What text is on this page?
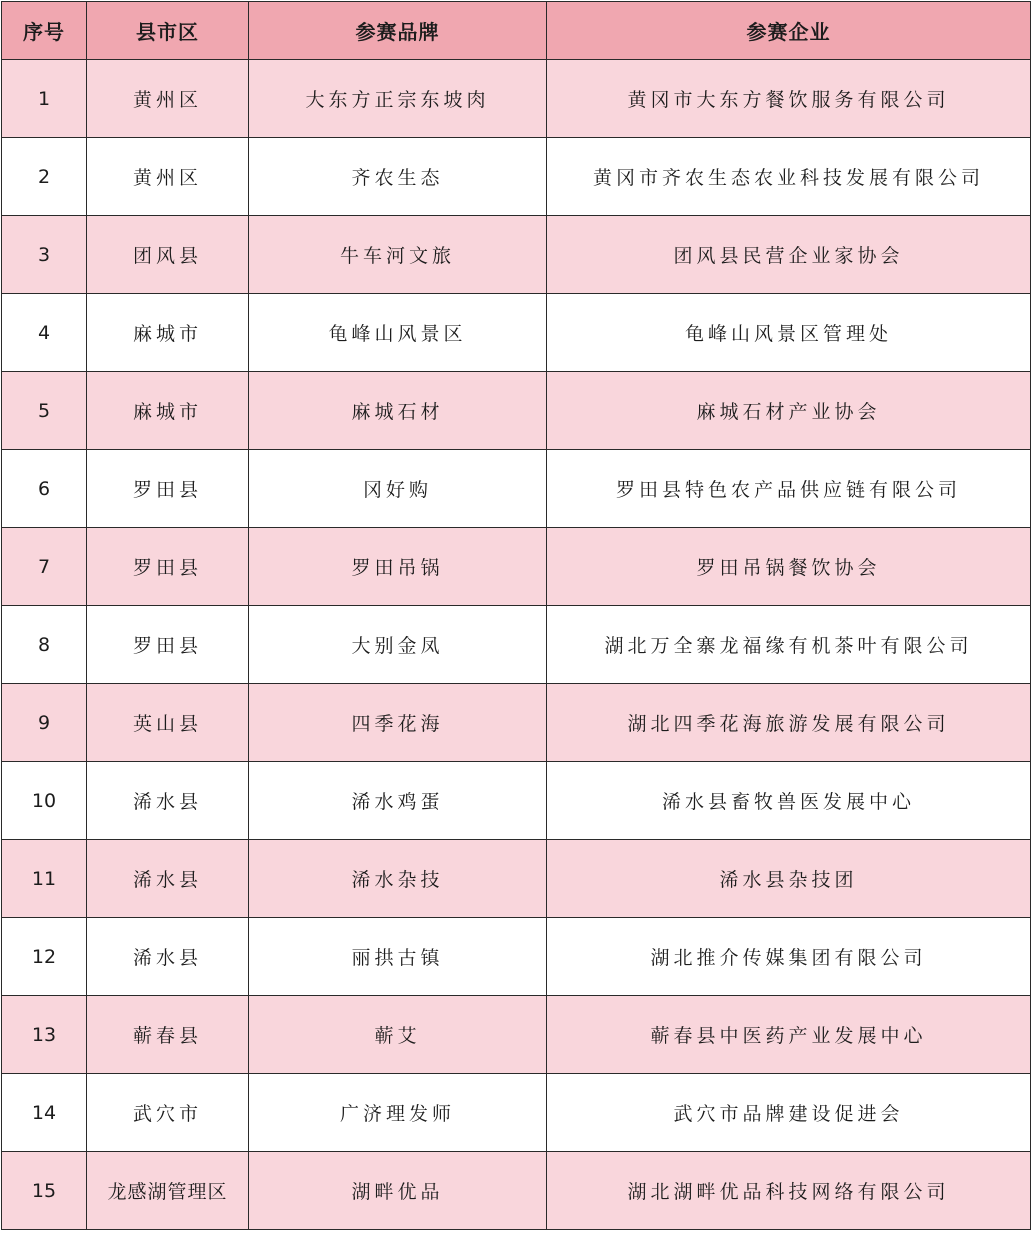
序号	县市区	参赛品牌	参赛企业
1	黄州区	大东方正宗东坡肉	黄冈市大东方餐饮服务有限公司
2	黄州区	齐农生态	黄冈市齐农生态农业科技发展有限公司
3	团风县	牛车河文旅	团风县民营企业家协会
4	麻城市	龟峰山风景区	龟峰山风景区管理处
5	麻城市	麻城石材	麻城石材产业协会
6	罗田县	冈好购	罗田县特色农产品供应链有限公司
7	罗田县	罗田吊锅	罗田吊锅餐饮协会
8	罗田县	大别金凤	湖北万全寨龙福缘有机茶叶有限公司
9	英山县	四季花海	湖北四季花海旅游发展有限公司
10	浠水县	浠水鸡蛋	浠水县畜牧兽医发展中心
11	浠水县	浠水杂技	浠水县杂技团
12	浠水县	丽拱古镇	湖北推介传媒集团有限公司
13	蕲春县	蕲艾	蕲春县中医药产业发展中心
14	武穴市	广济理发师	武穴市品牌建设促进会
15	龙感湖管理区	湖畔优品	湖北湖畔优品科技网络有限公司
